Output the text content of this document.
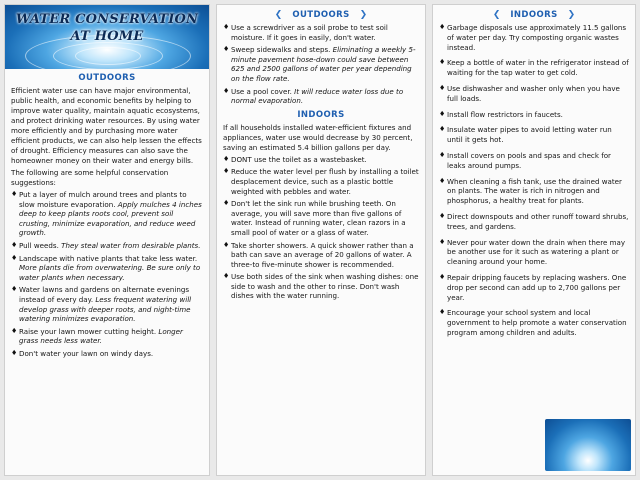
WATER CONSERVATION
AT HOME
OUTDOORS

Efficient water use can have major environmental, public health, and economic benefits by helping to improve water quality, maintain aquatic ecosystems, and protect drinking water resources. By using water more efficiently and by purchasing more water efficient products, we can also help lessen the effects of drought. Efficiency measures can also save the homeowner money on their water and energy bills.

The following are some helpful conservation suggestions:

♦ Put a layer of mulch around trees and plants to slow moisture evaporation. Apply mulches 4 inches deep to keep plants roots cool, prevent soil crusting, minimize evaporation, and reduce weed growth.
♦ Pull weeds. They steal water from desirable plants.
♦ Landscape with native plants that take less water. More plants die from overwatering. Be sure only to water plants when necessary.
♦ Water lawns and gardens on alternate evenings instead of every day. Less frequent watering will develop grass with deeper roots, and night-time watering minimizes evaporation.
♦ Raise your lawn mower cutting height. Longer grass needs less water.
♦ Don't water your lawn on windy days.
❮ OUTDOORS ❯
♦ Use a screwdriver as a soil probe to test soil moisture. If it goes in easily, don't water.
♦ Sweep sidewalks and steps. Eliminating a weekly 5-minute pavement hose-down could save between 625 and 2500 gallons of water per year depending on the flow rate.
♦ Use a pool cover. It will reduce water loss due to normal evaporation.
INDOORS

If all households installed water-efficient fixtures and appliances, water use would decrease by 30 percent, saving an estimated 5.4 billion gallons per day.

♦ DONT use the toilet as a wastebasket.
♦ Reduce the water level per flush by installing a toilet desplacement device, such as a plastic bottle weighted with pebbles and water.
♦ Don't let the sink run while brushing teeth. On average, you will save more than five gallons of water. Instead of running water, clean razors in a small pool of water or a glass of water.
♦ Take shorter showers. A quick shower rather than a bath can save an average of 20 gallons of water. A three-to five-minute shower is recommended.
♦ Use both sides of the sink when washing dishes: one side to wash and the other to rinse. Don't wash dishes with the water running.
❮ INDOORS ❯
♦ Garbage disposals use approximately 11.5 gallons of water per day. Try composting organic wastes instead.
♦ Keep a bottle of water in the refrigerator instead of waiting for the tap water to get cold.
♦ Use dishwasher and washer only when you have full loads.
♦ Install flow restrictors in faucets.
♦ Insulate water pipes to avoid letting water run until it gets hot.
♦ Install covers on pools and spas and check for leaks around pumps.
♦ When cleaning a fish tank, use the drained water on plants. The water is rich in nitrogen and phosphorus, a healthy treat for plants.
♦ Direct downspouts and other runoff toward shrubs, trees, and gardens.
♦ Never pour water down the drain when there may be another use for it such as watering a plant or cleaning around your home.
♦ Repair dripping faucets by replacing washers. One drop per second can add up to 2,700 gallons per year.
♦ Encourage your school system and local government to help promote a water conservation program among children and adults.
